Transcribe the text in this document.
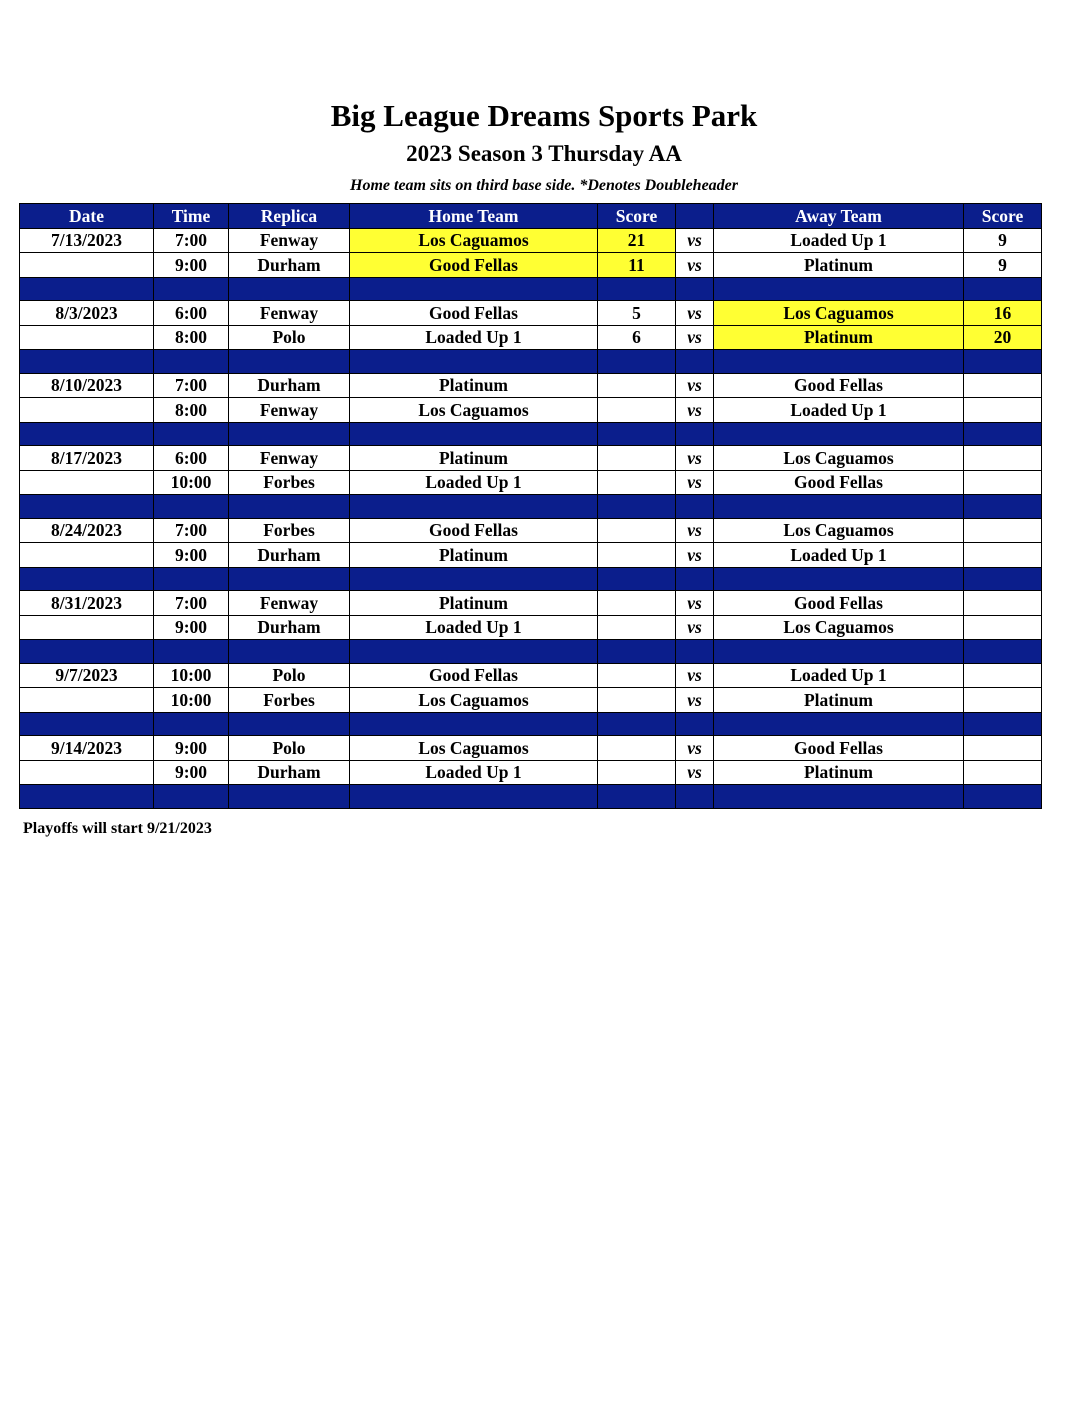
Big League Dreams Sports Park
2023 Season 3 Thursday AA
Home team sits on third base side. *Denotes Doubleheader
Date	Time	Replica	Home Team	Score		Away Team	Score
7/13/2023	7:00	Fenway	Los Caguamos	21	vs	Loaded Up 1	9
	9:00	Durham	Good Fellas	11	vs	Platinum	9

8/3/2023	6:00	Fenway	Good Fellas	5	vs	Los Caguamos	16
	8:00	Polo	Loaded Up 1	6	vs	Platinum	20

8/10/2023	7:00	Durham	Platinum		vs	Good Fellas	
	8:00	Fenway	Los Caguamos		vs	Loaded Up 1	

8/17/2023	6:00	Fenway	Platinum		vs	Los Caguamos	
	10:00	Forbes	Loaded Up 1		vs	Good Fellas	

8/24/2023	7:00	Forbes	Good Fellas		vs	Los Caguamos	
	9:00	Durham	Platinum		vs	Loaded Up 1	

8/31/2023	7:00	Fenway	Platinum		vs	Good Fellas	
	9:00	Durham	Loaded Up 1		vs	Los Caguamos	

9/7/2023	10:00	Polo	Good Fellas		vs	Loaded Up 1	
	10:00	Forbes	Los Caguamos		vs	Platinum	

9/14/2023	9:00	Polo	Los Caguamos		vs	Good Fellas	
	9:00	Durham	Loaded Up 1		vs	Platinum	

Playoffs will start 9/21/2023
